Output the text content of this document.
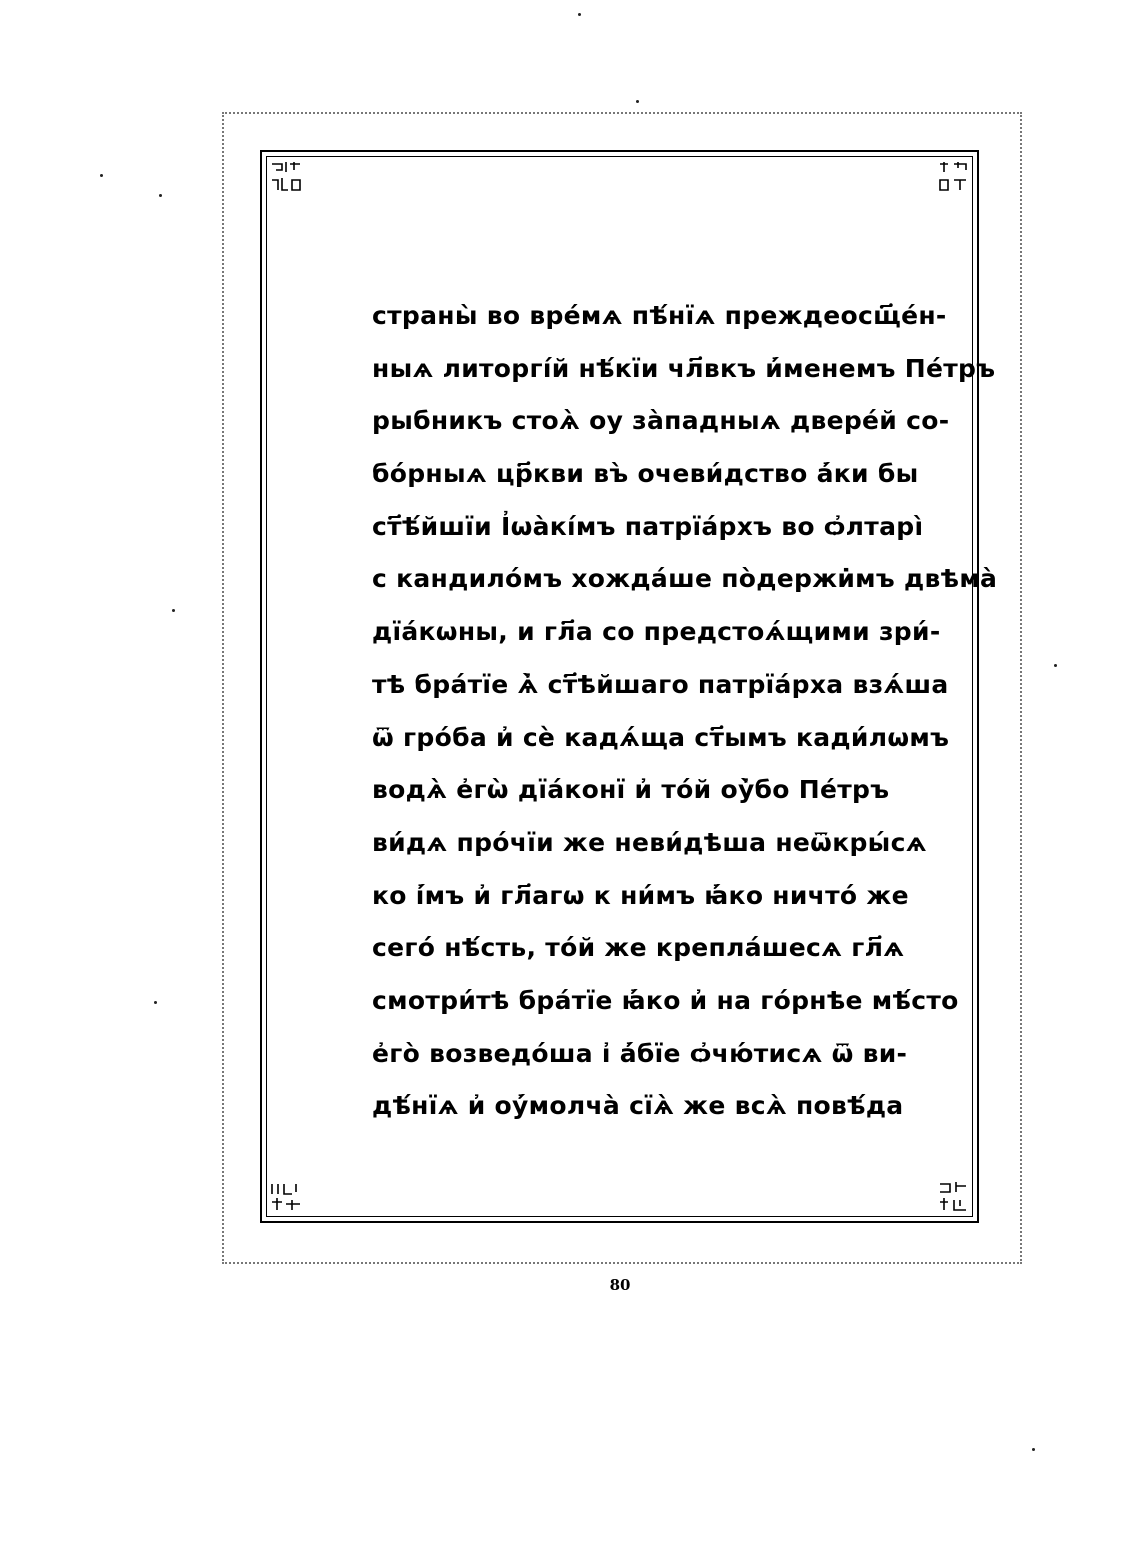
страны̀ во вре́мѧ пѣ́нїѧ преждеосщ҃е́н-
ныѧ литоргі́й нѣ́кїи чл҃вкъ и҆́менемъ Пе́тръ
рыбникъ стоѧ̀ оу за̀падныѧ двере́й со-
бо́рныѧ цр҃кви въ̀ очеви́дство а҆́ки бы
ст҃ѣ́йшїи І҆ѡа̀кі́мъ патрїа́рхъ во ѻ҆лтарі̀
с кандило́мъ хожда́ше по̀держи̇мъ двѣма̀
дїа́кѡны, и гл҃а со предстоѧ́щими зри́-
тѣ бра́тїе ѧ҆̀ ст҃ѣйшаго патрїа́рха взѧ́ша
ѿ гро́ба и҆ сѐ кадѧ́ща ст҃ымъ кади́лѡмъ
водѧ̀ е҆гѡ̀ дїа́конї и҆ то́й оу҆̀бо Пе́тръ
ви́дѧ про́чїи же неви́дѣша неѿкры́сѧ
ко і҆́мъ и҆ гл҃агѡ к ни́мъ ꙗ҆́ко ничто́ же
сего́ нѣ́сть, то́й же крепла́шесѧ гл҃ѧ
смотри́тѣ бра́тїе ꙗ҆́ко и҆ на го́рнѣе мѣ́сто
е҆го̀ возведо́ша і҆ а҆́бїе ѻ҆чю́тисѧ ѿ ви-
дѣ́нїѧ и҆ оу҆́молча̀ сїѧ̀ же всѧ̀ повѣ́да
80
